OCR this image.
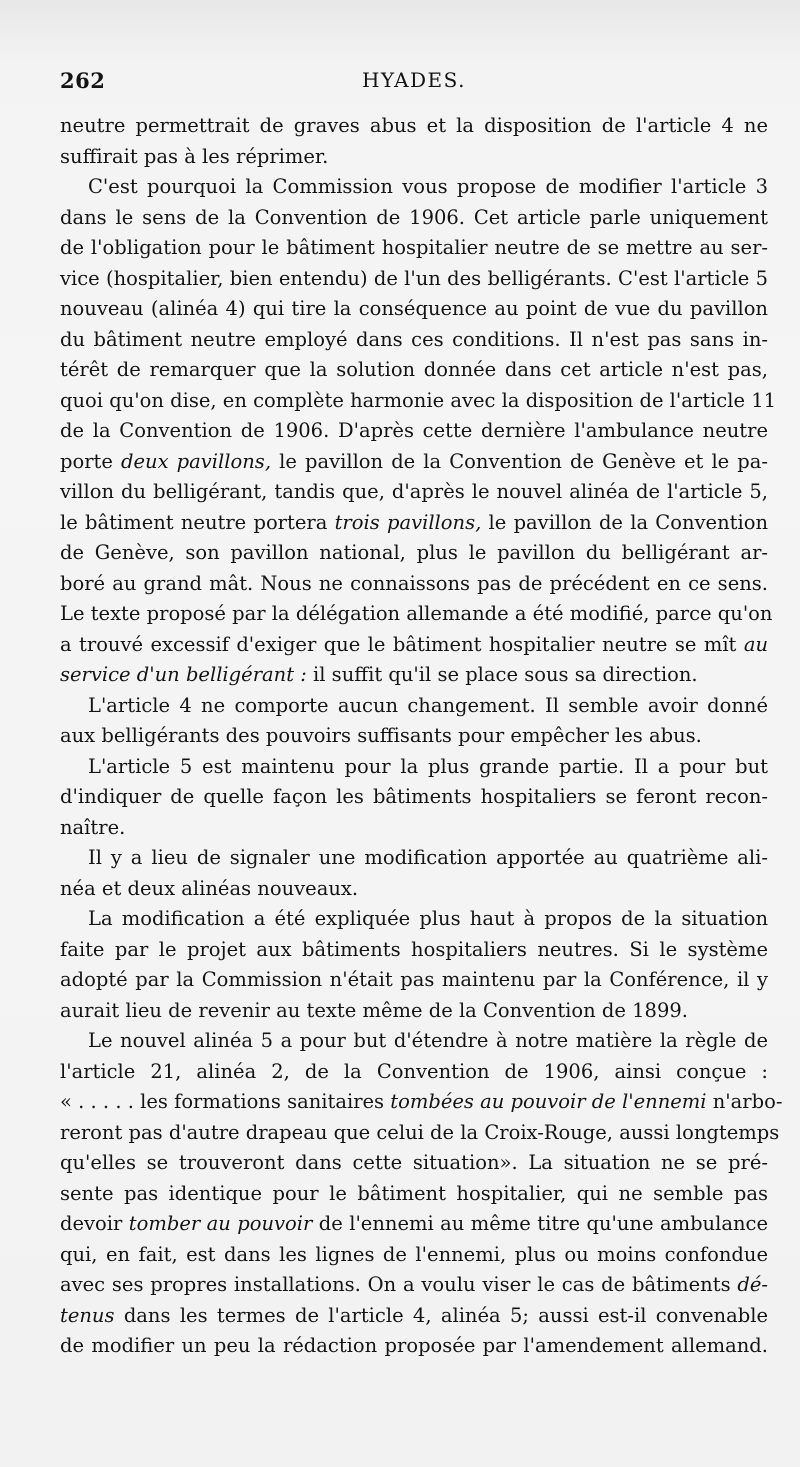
262	HYADES.
neutre permettrait de graves abus et la disposition de l'article 4 ne
suffirait pas à les réprimer.
C'est pourquoi la Commission vous propose de modifier l'article 3
dans le sens de la Convention de 1906. Cet article parle uniquement
de l'obligation pour le bâtiment hospitalier neutre de se mettre au ser-
vice (hospitalier, bien entendu) de l'un des belligérants. C'est l'article 5
nouveau (alinéa 4) qui tire la conséquence au point de vue du pavillon
du bâtiment neutre employé dans ces conditions. Il n'est pas sans in-
térêt de remarquer que la solution donnée dans cet article n'est pas,
quoi qu'on dise, en complète harmonie avec la disposition de l'article 11
de la Convention de 1906. D'après cette dernière l'ambulance neutre
porte deux pavillons, le pavillon de la Convention de Genève et le pa-
villon du belligérant, tandis que, d'après le nouvel alinéa de l'article 5,
le bâtiment neutre portera trois pavillons, le pavillon de la Convention
de Genève, son pavillon national, plus le pavillon du belligérant ar-
boré au grand mât. Nous ne connaissons pas de précédent en ce sens.
Le texte proposé par la délégation allemande a été modifié, parce qu'on
a trouvé excessif d'exiger que le bâtiment hospitalier neutre se mît au
service d'un belligérant : il suffit qu'il se place sous sa direction.
L'article 4 ne comporte aucun changement. Il semble avoir donné
aux belligérants des pouvoirs suffisants pour empêcher les abus.
L'article 5 est maintenu pour la plus grande partie. Il a pour but
d'indiquer de quelle façon les bâtiments hospitaliers se feront recon-
naître.
Il y a lieu de signaler une modification apportée au quatrième ali-
néa et deux alinéas nouveaux.
La modification a été expliquée plus haut à propos de la situation
faite par le projet aux bâtiments hospitaliers neutres. Si le système
adopté par la Commission n'était pas maintenu par la Conférence, il y
aurait lieu de revenir au texte même de la Convention de 1899.
Le nouvel alinéa 5 a pour but d'étendre à notre matière la règle de
l'article 21, alinéa 2, de la Convention de 1906, ainsi conçue :
« . . . . . les formations sanitaires tombées au pouvoir de l'ennemi n'arbo-
reront pas d'autre drapeau que celui de la Croix-Rouge, aussi longtemps
qu'elles se trouveront dans cette situation». La situation ne se pré-
sente pas identique pour le bâtiment hospitalier, qui ne semble pas
devoir tomber au pouvoir de l'ennemi au même titre qu'une ambulance
qui, en fait, est dans les lignes de l'ennemi, plus ou moins confondue
avec ses propres installations. On a voulu viser le cas de bâtiments dé-
tenus dans les termes de l'article 4, alinéa 5; aussi est-il convenable
de modifier un peu la rédaction proposée par l'amendement allemand.
